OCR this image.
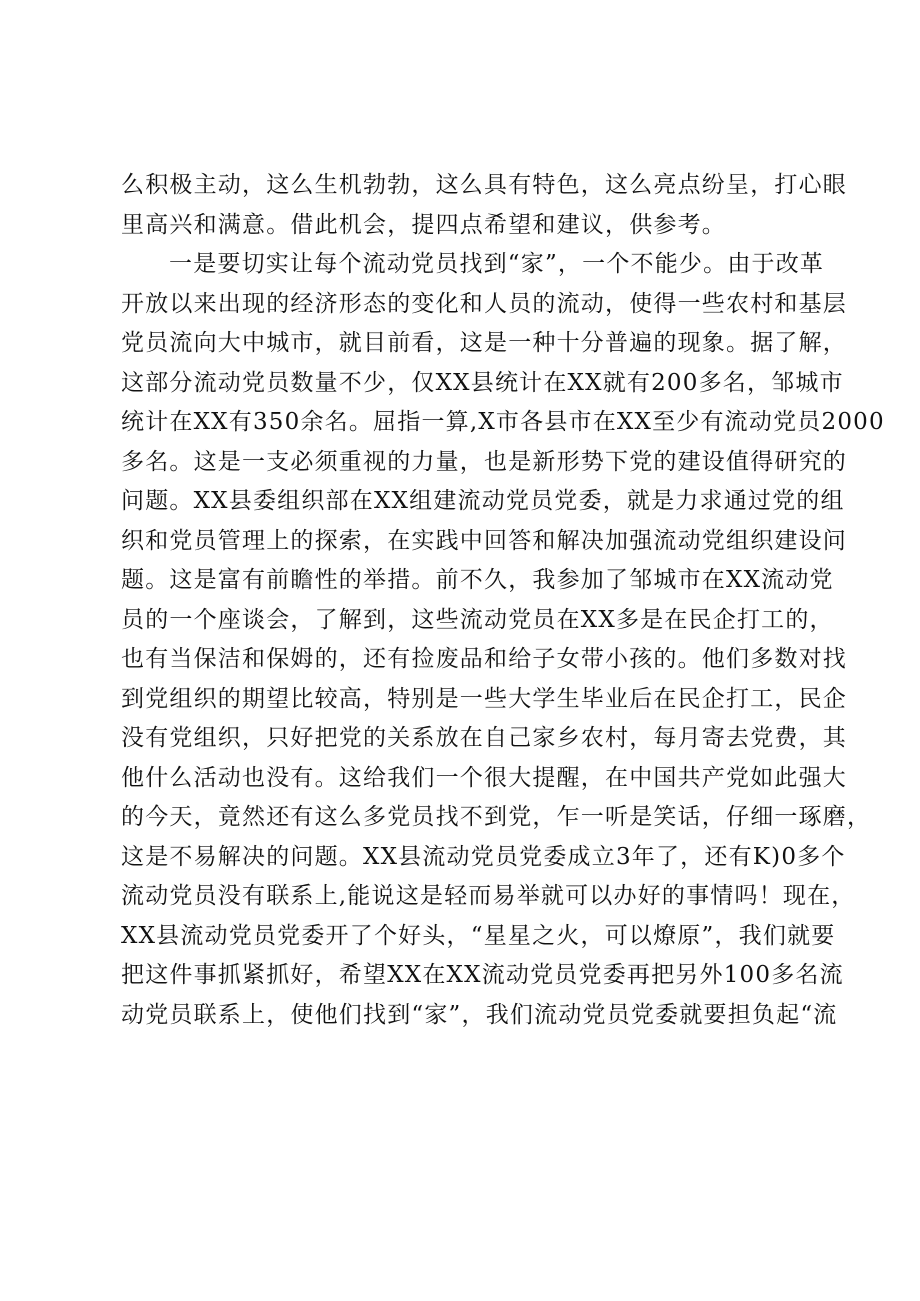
么积极主动，这么生机勃勃，这么具有特色，这么亮点纷呈，打心眼
里高兴和满意。借此机会，提四点希望和建议，供参考。
一是要切实让每个流动党员找到“家”，一个不能少。由于改革
开放以来出现的经济形态的变化和人员的流动，使得一些农村和基层
党员流向大中城市，就目前看，这是一种十分普遍的现象。据了解，
这部分流动党员数量不少，仅XX县统计在XX就有200多名，邹城市
统计在XX有350余名。屈指一算,X市各县市在XX至少有流动党员2000
多名。这是一支必须重视的力量，也是新形势下党的建设值得研究的
问题。XX县委组织部在XX组建流动党员党委，就是力求通过党的组
织和党员管理上的探索，在实践中回答和解决加强流动党组织建设问
题。这是富有前瞻性的举措。前不久，我参加了邹城市在XX流动党
员的一个座谈会，了解到，这些流动党员在XX多是在民企打工的，
也有当保洁和保姆的，还有捡废品和给子女带小孩的。他们多数对找
到党组织的期望比较高，特别是一些大学生毕业后在民企打工，民企
没有党组织，只好把党的关系放在自己家乡农村，每月寄去党费，其
他什么活动也没有。这给我们一个很大提醒，在中国共产党如此强大
的今天，竟然还有这么多党员找不到党，乍一听是笑话，仔细一琢磨，
这是不易解决的问题。XX县流动党员党委成立3年了，还有K)0多个
流动党员没有联系上,能说这是轻而易举就可以办好的事情吗！现在，
XX县流动党员党委开了个好头，“星星之火，可以燎原”，我们就要
把这件事抓紧抓好，希望XX在XX流动党员党委再把另外100多名流
动党员联系上，使他们找到“家”，我们流动党员党委就要担负起“流
